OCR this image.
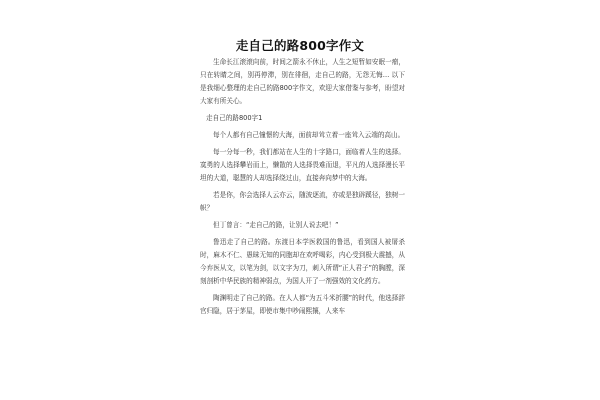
走自己的路800字作文

生命长江滚滚向前，时间之箭永不休止，人生之短暂如安眠一瘤，只在转睛之间，别再停滞，别在徘徊，走自己的路，无怨无悔… 以下是我细心整理的走自己的路800字作文，欢迎大家借鉴与参考，盼望对大家有所关心。

走自己的路800字1

每个人都有自己憧憬的大海，面前却耸立着一座耸入云端的高山。

每一分每一秒，我们都站在人生的十字路口，面临着人生的选择。寞勇的人选择攀岩而上，懒散的人选择畏难而退，平凡的人选择漫长平坦的大道，聪慧的人却选择绕过山，直接奔向梦中的大海。

若是你，你会选择人云亦云，随波逐流，亦或是独辟蹊径，独树一帜？

但丁曾言：“走自己的路，让别人说去吧！”

鲁迅走了自己的路。东渡日本学医救国的鲁迅，看到国人被屠杀时，麻木不仁、愚昧无知的同胞却在欢呼喝彩，内心受到极大震撼，从今弃医从文，以笔为剑，以文字为刀，刺入所谓“正人君子”的胸膛，深刻剖析中华民族的精神弱点，为国人开了一剂强效的文化药方。

陶渊明走了自己的路。在人人都“为五斗米折腰”的时代，他选择辞官归隐，居于茅屋，即使市集中吵闹熙攘，人来车
